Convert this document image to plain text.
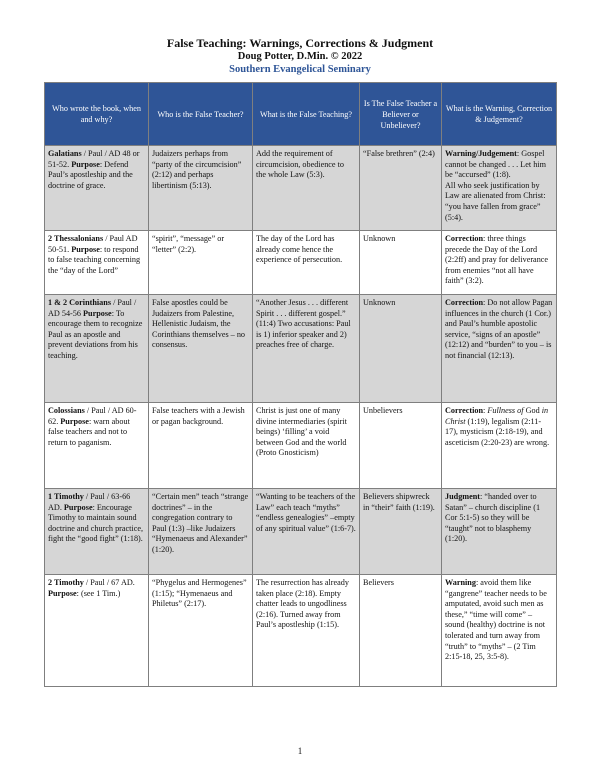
False Teaching: Warnings, Corrections & Judgment
Doug Potter, D.Min. © 2022
Southern Evangelical Seminary
Who wrote the book, when and why?	Who is the False Teacher?	What is the False Teaching?	Is The False Teacher a Believer or Unbeliever?	What is the Warning, Correction & Judgement?
Galatians / Paul / AD 48 or 51-52. Purpose: Defend Paul’s apostleship and the doctrine of grace.	Judaizers perhaps from “party of the circumcision” (2:12) and perhaps libertinism (5:13).	Add the requirement of circumcision, obedience to the whole Law (5:3).	“False brethren” (2:4)	Warning/Judgement: Gospel cannot be changed . . . Let him be “accursed” (1:8).
All who seek justification by Law are alienated from Christ: “you have fallen from grace” (5:4).
2 Thessalonians / Paul AD 50-51. Purpose: to respond to false teaching concerning the “day of the Lord”	“spirit”, “message” or “letter” (2:2).	The day of the Lord has already come hence the experience of persecution.	Unknown	Correction: three things precede the Day of the Lord (2:2ff) and pray for deliverance from enemies “not all have faith” (3:2).
1 & 2 Corinthians / Paul / AD 54-56 Purpose: To encourage them to recognize Paul as an apostle and prevent deviations from his teaching.	False apostles could be Judaizers from Palestine, Hellenistic Judaism, the Corinthians themselves – no consensus.	“Another Jesus . . . different Spirit . . . different gospel.” (11:4) Two accusations: Paul is 1) inferior speaker and 2) preaches free of charge.	Unknown	Correction: Do not allow Pagan influences in the church (1 Cor.) and Paul’s humble apostolic service, “signs of an apostle” (12:12) and “burden” to you – is not financial (12:13).
Colossians / Paul / AD 60-62. Purpose: warn about false teachers and not to return to paganism.	False teachers with a Jewish or pagan background.	Christ is just one of many divine intermediaries (spirit beings) ‘filling’ a void between God and the world (Proto Gnosticism)	Unbelievers	Correction: Fullness of God in Christ (1:19), legalism (2:11-17), mysticism (2:18-19), and asceticism (2:20-23) are wrong.
1 Timothy / Paul / 63-66 AD. Purpose: Encourage Timothy to maintain sound doctrine and church practice, fight the “good fight” (1:18).	“Certain men” teach “strange doctrines” – in the congregation contrary to Paul (1:3) –like Judaizers “Hymenaeus and Alexander” (1:20).	“Wanting to be teachers of the Law” each teach “myths” “endless genealogies” –empty of any spiritual value” (1:6-7).	Believers shipwreck in “their” faith (1:19).	Judgment: “handed over to Satan” – church discipline (1 Cor 5:1-5) so they will be “taught” not to blasphemy (1:20).
2 Timothy / Paul / 67 AD. Purpose: (see 1 Tim.)	“Phygelus and Hermogenes” (1:15); “Hymenaeus and Philetus” (2:17).	The resurrection has already taken place (2:18). Empty chatter leads to ungodliness (2:16). Turned away from Paul’s apostleship (1:15).	Believers	Warning: avoid them like “gangrene” teacher needs to be amputated, avoid such men as these,” “time will come” – sound (healthy) doctrine is not tolerated and turn away from “truth” to “myths” – (2 Tim 2:15-18, 25, 3:5-8).
1
